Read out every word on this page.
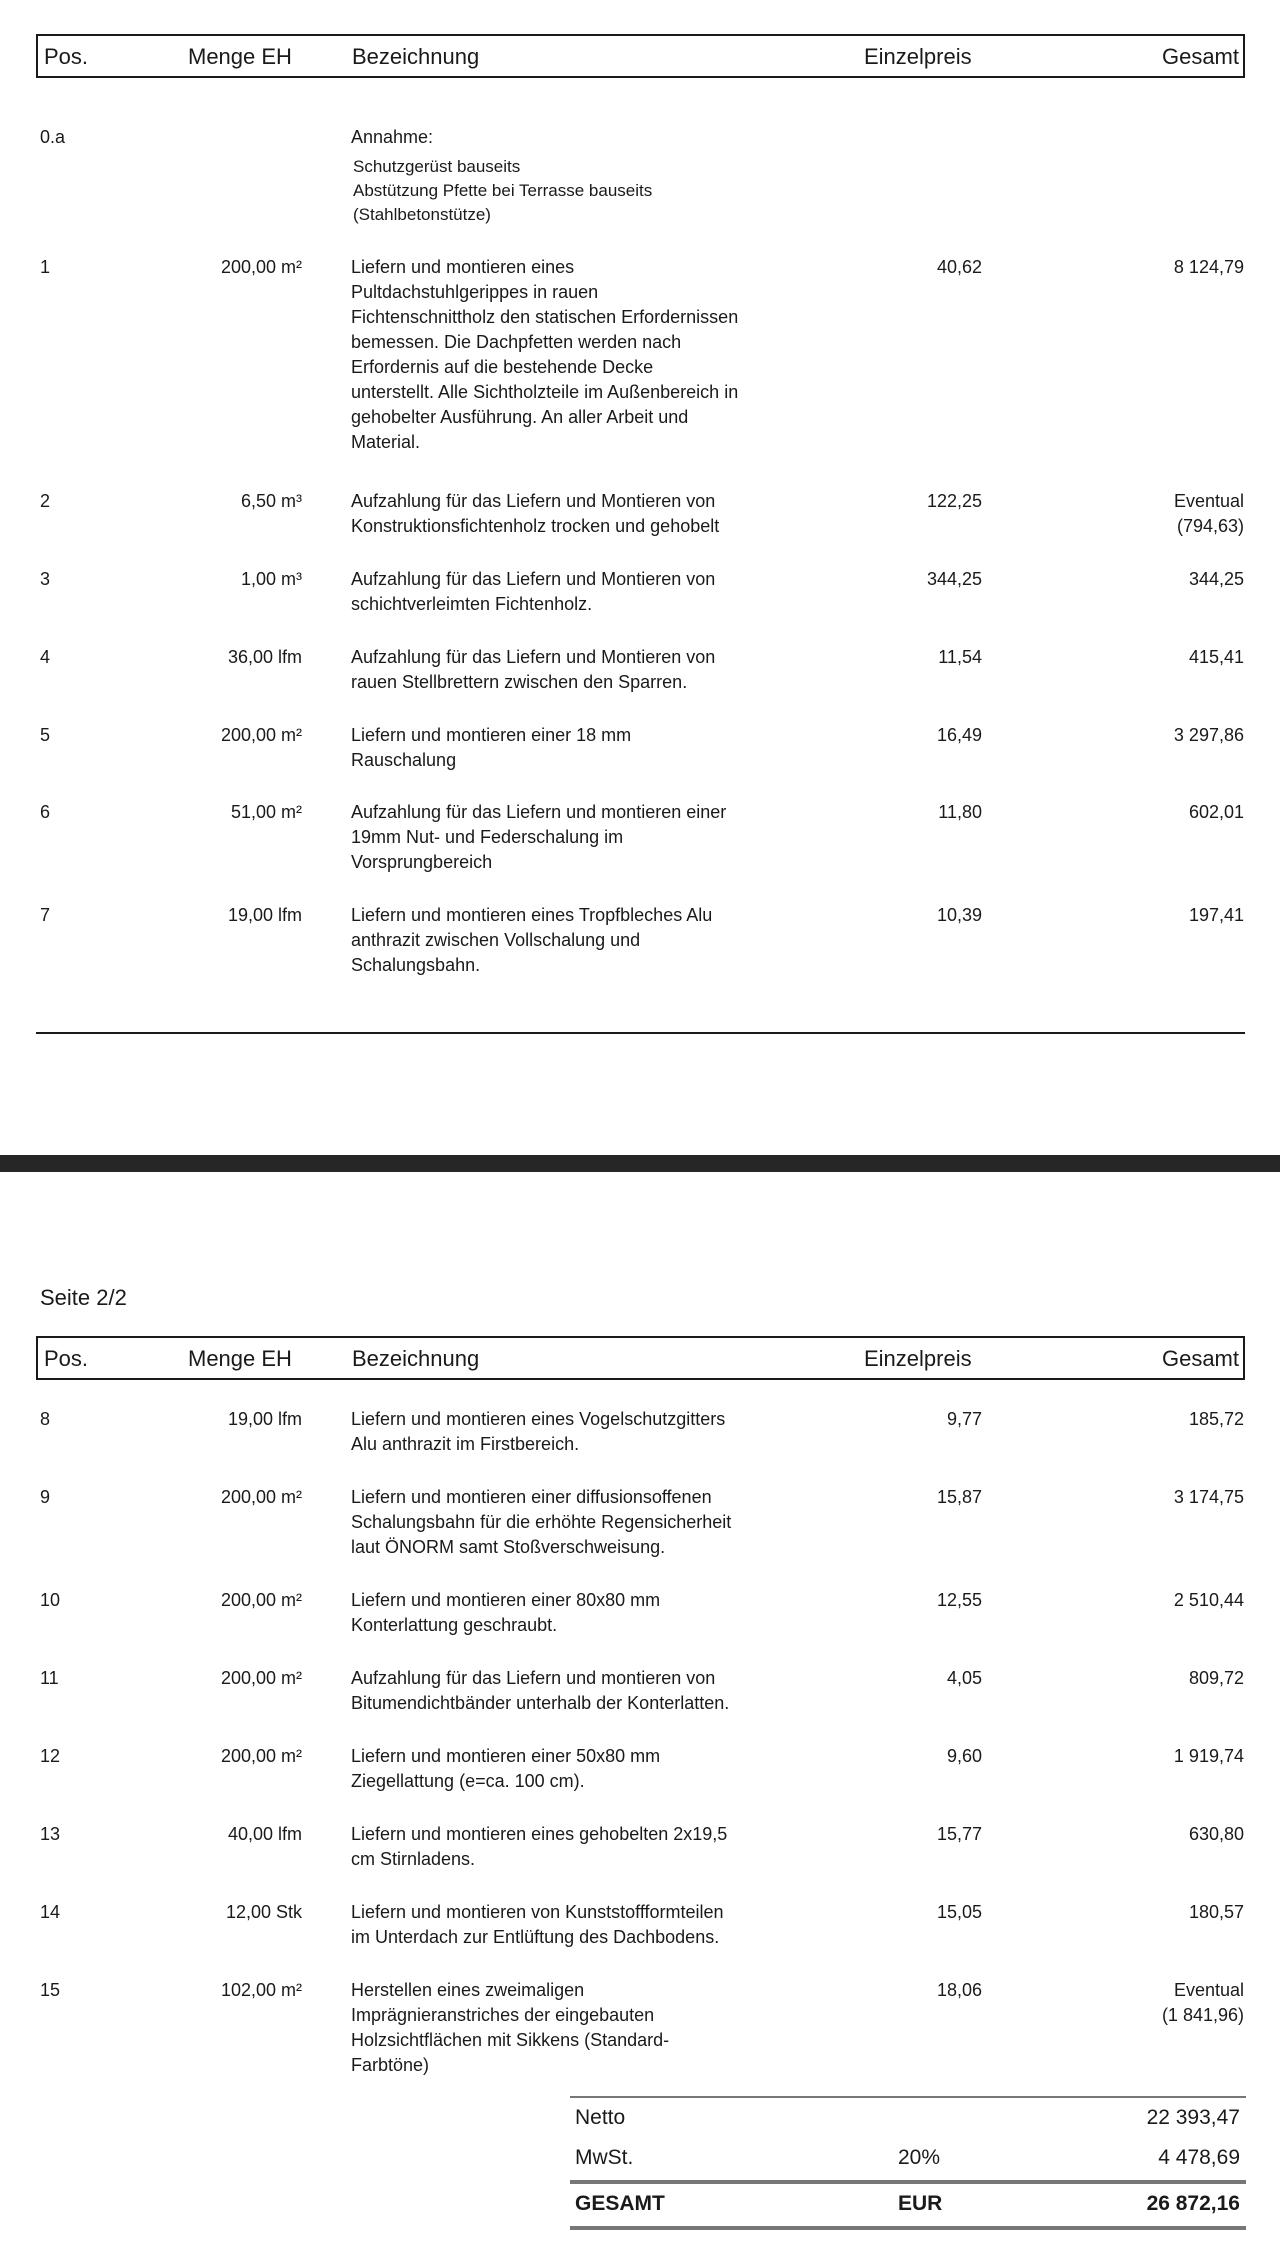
Pos.	Menge EH	Bezeichnung	Einzelpreis	Gesamt
0.a	Annahme:
Schutzgerüst bauseits
Abstützung Pfette bei Terrasse bauseits
(Stahlbetonstütze)
1	200,00 m²	Liefern und montieren eines
Pultdachstuhlgerippes in rauen
Fichtenschnittholz den statischen Erfordernissen
bemessen. Die Dachpfetten werden nach
Erfordernis auf die bestehende Decke
unterstellt. Alle Sichtholzteile im Außenbereich in
gehobelter Ausführung. An aller Arbeit und
Material.
40,62	8 124,79
2	6,50 m³	Aufzahlung für das Liefern und Montieren von
Konstruktionsfichtenholz trocken und gehobelt
122,25	Eventual
(794,63)
3	1,00 m³	Aufzahlung für das Liefern und Montieren von
schichtverleimten Fichtenholz.
344,25	344,25
4	36,00 lfm	Aufzahlung für das Liefern und Montieren von
rauen Stellbrettern zwischen den Sparren.
11,54	415,41
5	200,00 m²	Liefern und montieren einer 18 mm
Rauschalung
16,49	3 297,86
6	51,00 m²	Aufzahlung für das Liefern und montieren einer
19mm Nut- und Federschalung im
Vorsprungbereich
11,80	602,01
7	19,00 lfm	Liefern und montieren eines Tropfbleches Alu
anthrazit zwischen Vollschalung und
Schalungsbahn.
10,39	197,41
Seite 2/2
Pos.	Menge EH	Bezeichnung	Einzelpreis	Gesamt
8	19,00 lfm	Liefern und montieren eines Vogelschutzgitters
Alu anthrazit im Firstbereich.
9,77	185,72
9	200,00 m²	Liefern und montieren einer diffusionsoffenen
Schalungsbahn für die erhöhte Regensicherheit
laut ÖNORM samt Stoßverschweisung.
15,87	3 174,75
10	200,00 m²	Liefern und montieren einer 80x80 mm
Konterlattung geschraubt.
12,55	2 510,44
11	200,00 m²	Aufzahlung für das Liefern und montieren von
Bitumendichtbänder unterhalb der Konterlatten.
4,05	809,72
12	200,00 m²	Liefern und montieren einer 50x80 mm
Ziegellattung (e=ca. 100 cm).
9,60	1 919,74
13	40,00 lfm	Liefern und montieren eines gehobelten 2x19,5
cm Stirnladens.
15,77	630,80
14	12,00 Stk	Liefern und montieren von Kunststoffformteilen
im Unterdach zur Entlüftung des Dachbodens.
15,05	180,57
15	102,00 m²	Herstellen eines zweimaligen
Imprägnieranstriches der eingebauten
Holzsichtflächen mit Sikkens (Standard-
Farbtöne)
18,06	Eventual
(1 841,96)
Netto	22 393,47
MwSt.	20%	4 478,69
GESAMT	EUR	26 872,16
